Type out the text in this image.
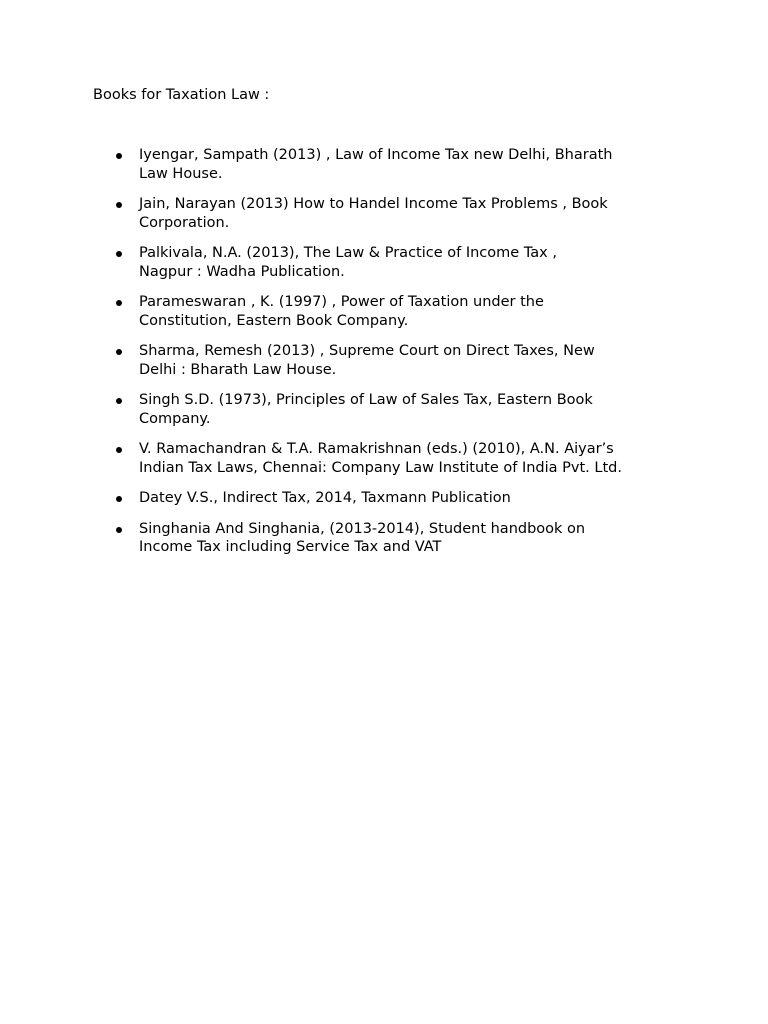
Books for Taxation Law :
Iyengar, Sampath (2013) , Law of Income Tax new Delhi, Bharath
Law House.
Jain, Narayan (2013) How to Handel Income Tax Problems , Book
Corporation.
Palkivala, N.A. (2013), The Law & Practice of Income Tax ,
Nagpur : Wadha Publication.
Parameswaran , K. (1997) , Power of Taxation under the
Constitution, Eastern Book Company.
Sharma, Remesh (2013) , Supreme Court on Direct Taxes, New
Delhi : Bharath Law House.
Singh S.D. (1973), Principles of Law of Sales Tax, Eastern Book
Company.
V. Ramachandran & T.A. Ramakrishnan (eds.) (2010), A.N. Aiyar’s
Indian Tax Laws, Chennai: Company Law Institute of India Pvt. Ltd.
Datey V.S., Indirect Tax, 2014, Taxmann Publication
Singhania And Singhania, (2013-2014), Student handbook on
Income Tax including Service Tax and VAT
